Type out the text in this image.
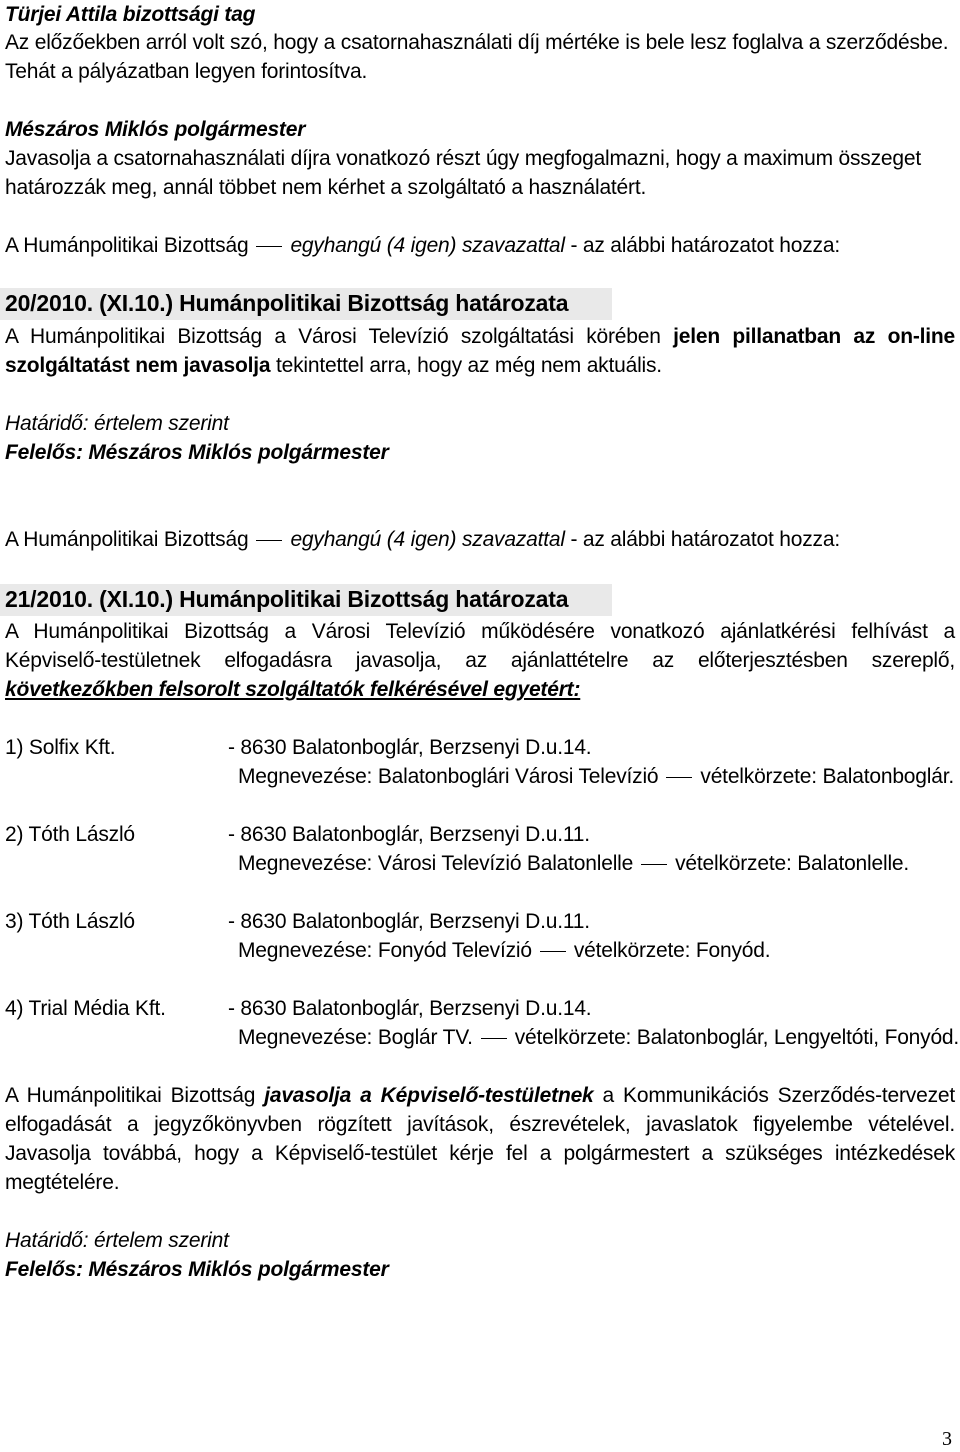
Türjei Attila bizottsági tag
Az előzőekben arról volt szó, hogy a csatornahasználati díj mértéke is bele lesz foglalva a szerződésbe.
Tehát a pályázatban legyen forintosítva.
Mészáros Miklós polgármester
Javasolja a csatornahasználati díjra vonatkozó részt úgy megfogalmazni, hogy a maximum összeget
határozzák meg, annál többet nem kérhet a szolgáltató a használatért.
A Humánpolitikai Bizottság egyhangú (4 igen) szavazattal - az alábbi határozatot hozza:
20/2010. (XI.10.) Humánpolitikai Bizottság határozata
A Humánpolitikai Bizottság a Városi Televízió szolgáltatási körében jelen pillanatban az on-line
szolgáltatást nem javasolja tekintettel arra, hogy az még nem aktuális.
Határidő: értelem szerint
Felelős: Mészáros Miklós polgármester
A Humánpolitikai Bizottság egyhangú (4 igen) szavazattal - az alábbi határozatot hozza:
21/2010. (XI.10.) Humánpolitikai Bizottság határozata
A Humánpolitikai Bizottság a Városi Televízió működésére vonatkozó ajánlatkérési felhívást a
Képviselő-testületnek elfogadásra javasolja, az ajánlattételre az előterjesztésben szereplő,
következőkben felsorolt szolgáltatók felkérésével egyetért:
1) Solfix Kft.	- 8630 Balatonboglár, Berzsenyi D.u.14.
Megnevezése: Balatonboglári Városi Televízió vételkörzete: Balatonboglár.
2) Tóth László	- 8630 Balatonboglár, Berzsenyi D.u.11.
Megnevezése: Városi Televízió Balatonlelle vételkörzete: Balatonlelle.
3) Tóth László	- 8630 Balatonboglár, Berzsenyi D.u.11.
Megnevezése: Fonyód Televízió vételkörzete: Fonyód.
4) Trial Média Kft.	- 8630 Balatonboglár, Berzsenyi D.u.14.
Megnevezése: Boglár TV. vételkörzete: Balatonboglár, Lengyeltóti, Fonyód.
A Humánpolitikai Bizottság javasolja a Képviselő-testületnek a Kommunikációs Szerződés-tervezet
elfogadását a jegyzőkönyvben rögzített javítások, észrevételek, javaslatok figyelembe vételével.
Javasolja továbbá, hogy a Képviselő-testület kérje fel a polgármestert a szükséges intézkedések
megtételére.
Határidő: értelem szerint
Felelős: Mészáros Miklós polgármester
3
